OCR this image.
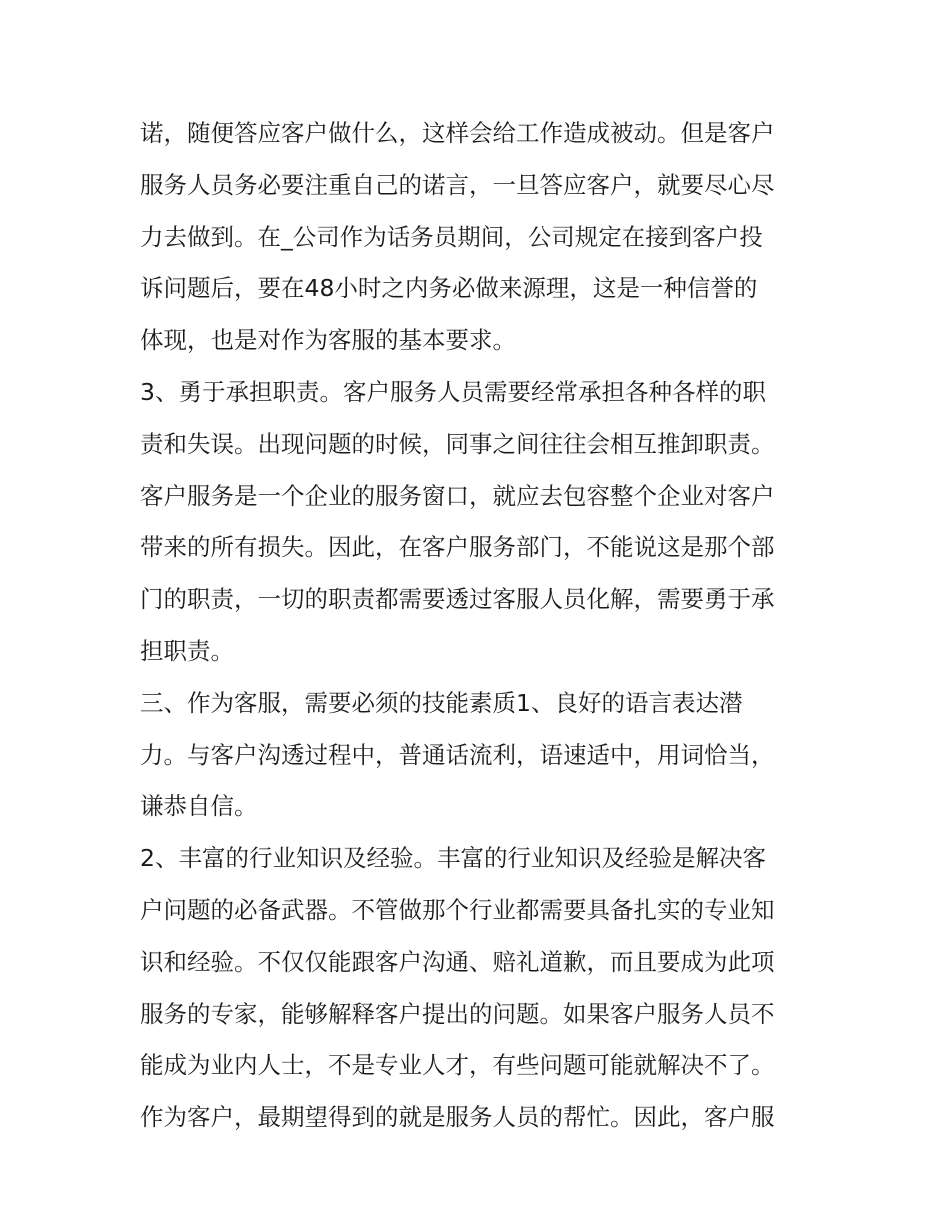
诺，随便答应客户做什么，这样会给工作造成被动。但是客户
服务人员务必要注重自己的诺言，一旦答应客户，就要尽心尽
力去做到。在_公司作为话务员期间，公司规定在接到客户投
诉问题后，要在48小时之内务必做来源理，这是一种信誉的
体现，也是对作为客服的基本要求。
3、勇于承担职责。客户服务人员需要经常承担各种各样的职
责和失误。出现问题的时候，同事之间往往会相互推卸职责。
客户服务是一个企业的服务窗口，就应去包容整个企业对客户
带来的所有损失。因此，在客户服务部门，不能说这是那个部
门的职责，一切的职责都需要透过客服人员化解，需要勇于承
担职责。
三、作为客服，需要必须的技能素质1、良好的语言表达潜
力。与客户沟透过程中，普通话流利，语速适中，用词恰当，
谦恭自信。
2、丰富的行业知识及经验。丰富的行业知识及经验是解决客
户问题的必备武器。不管做那个行业都需要具备扎实的专业知
识和经验。不仅仅能跟客户沟通、赔礼道歉，而且要成为此项
服务的专家，能够解释客户提出的问题。如果客户服务人员不
能成为业内人士，不是专业人才，有些问题可能就解决不了。
作为客户，最期望得到的就是服务人员的帮忙。因此，客户服
